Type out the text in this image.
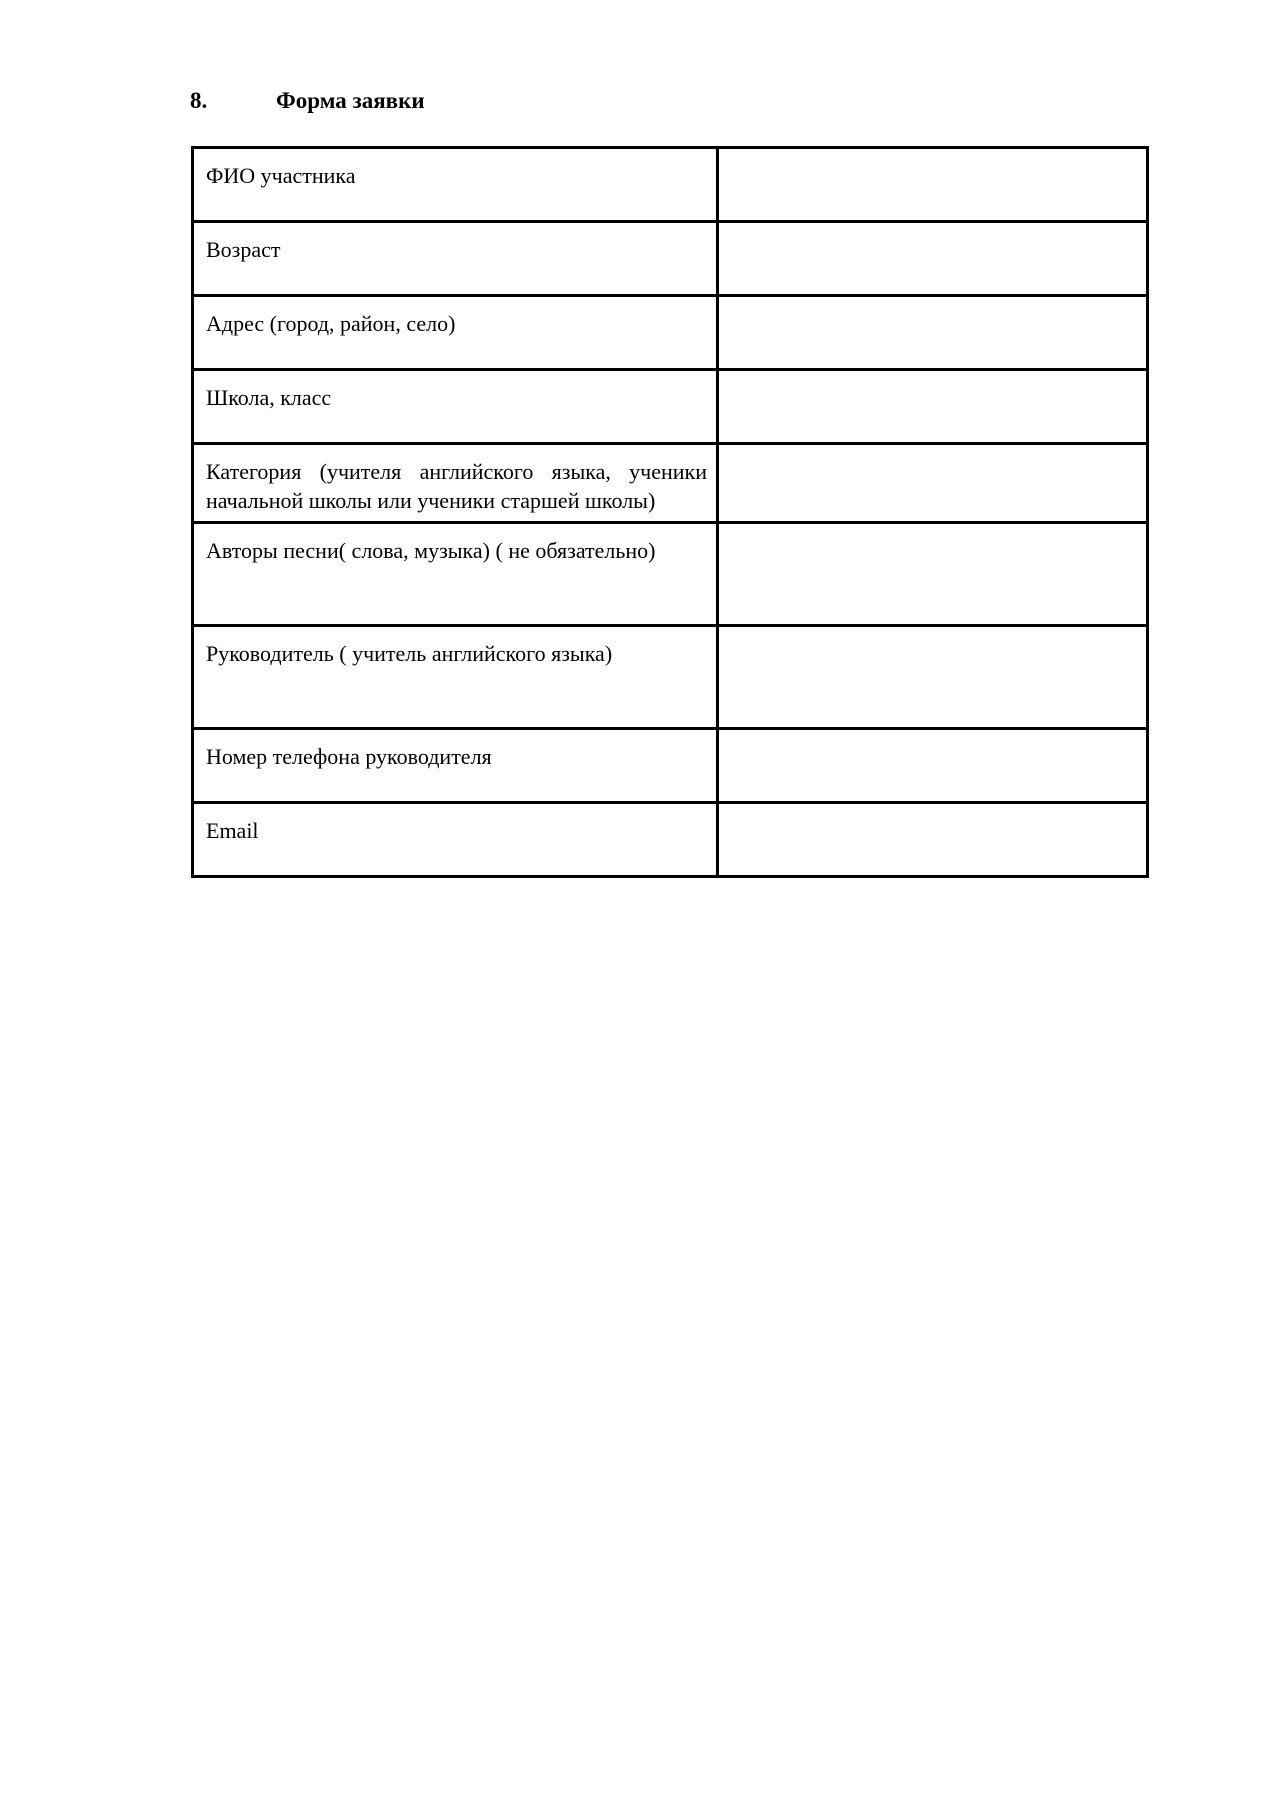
8.	Форма заявки
ФИО участника	

Возраст	

Адрес (город, район, село)	

Школа, класс	

Категория (учителя английского языка, ученики начальной школы или ученики старшей школы)	

Авторы песни( слова, музыка) ( не обязательно)	

Руководитель ( учитель английского языка)	

Номер телефона руководителя	

Email	
